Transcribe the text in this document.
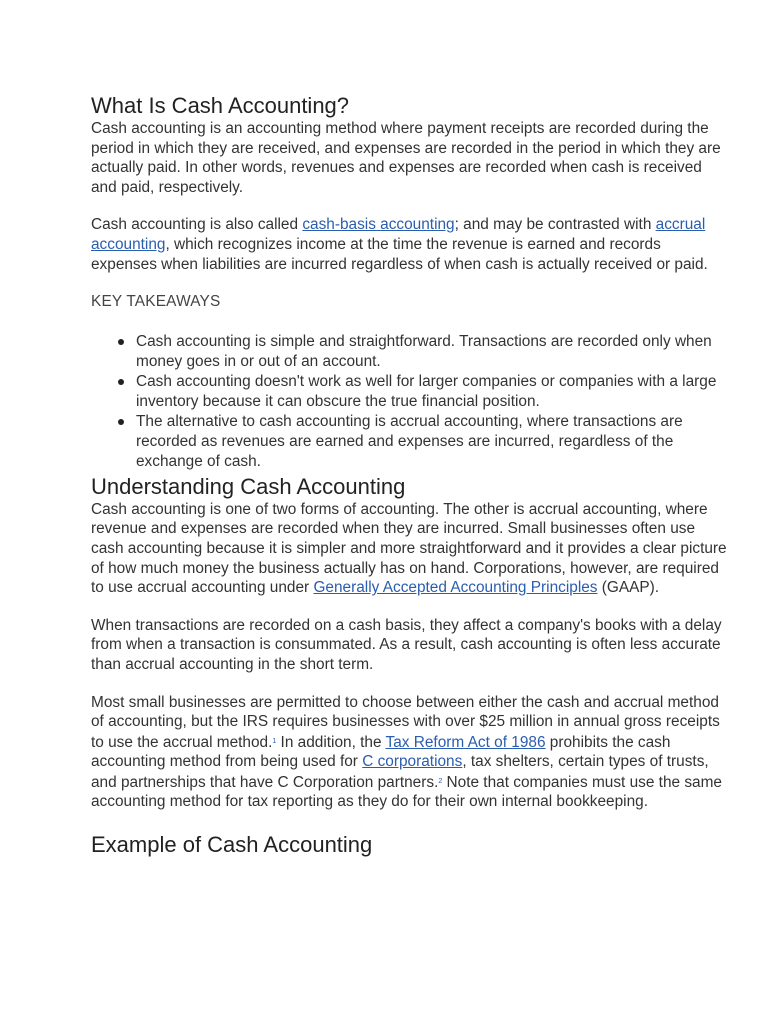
What Is Cash Accounting?

Cash accounting is an accounting method where payment receipts are recorded during the period in which they are received, and expenses are recorded in the period in which they are actually paid. In other words, revenues and expenses are recorded when cash is received and paid, respectively.

Cash accounting is also called cash-basis accounting; and may be contrasted with accrual accounting, which recognizes income at the time the revenue is earned and records expenses when liabilities are incurred regardless of when cash is actually received or paid.

KEY TAKEAWAYS
Cash accounting is simple and straightforward. Transactions are recorded only when money goes in or out of an account.
Cash accounting doesn't work as well for larger companies or companies with a large inventory because it can obscure the true financial position.
The alternative to cash accounting is accrual accounting, where transactions are recorded as revenues are earned and expenses are incurred, regardless of the exchange of cash.
Understanding Cash Accounting

Cash accounting is one of two forms of accounting. The other is accrual accounting, where revenue and expenses are recorded when they are incurred. Small businesses often use cash accounting because it is simpler and more straightforward and it provides a clear picture of how much money the business actually has on hand. Corporations, however, are required to use accrual accounting under Generally Accepted Accounting Principles (GAAP).

When transactions are recorded on a cash basis, they affect a company's books with a delay from when a transaction is consummated. As a result, cash accounting is often less accurate than accrual accounting in the short term.

Most small businesses are permitted to choose between either the cash and accrual method of accounting, but the IRS requires businesses with over $25 million in annual gross receipts to use the accrual method.$^1$ In addition, the Tax Reform Act of 1986 prohibits the cash accounting method from being used for C corporations, tax shelters, certain types of trusts, and partnerships that have C Corporation partners.$^2$ Note that companies must use the same accounting method for tax reporting as they do for their own internal bookkeeping.

Example of Cash Accounting
